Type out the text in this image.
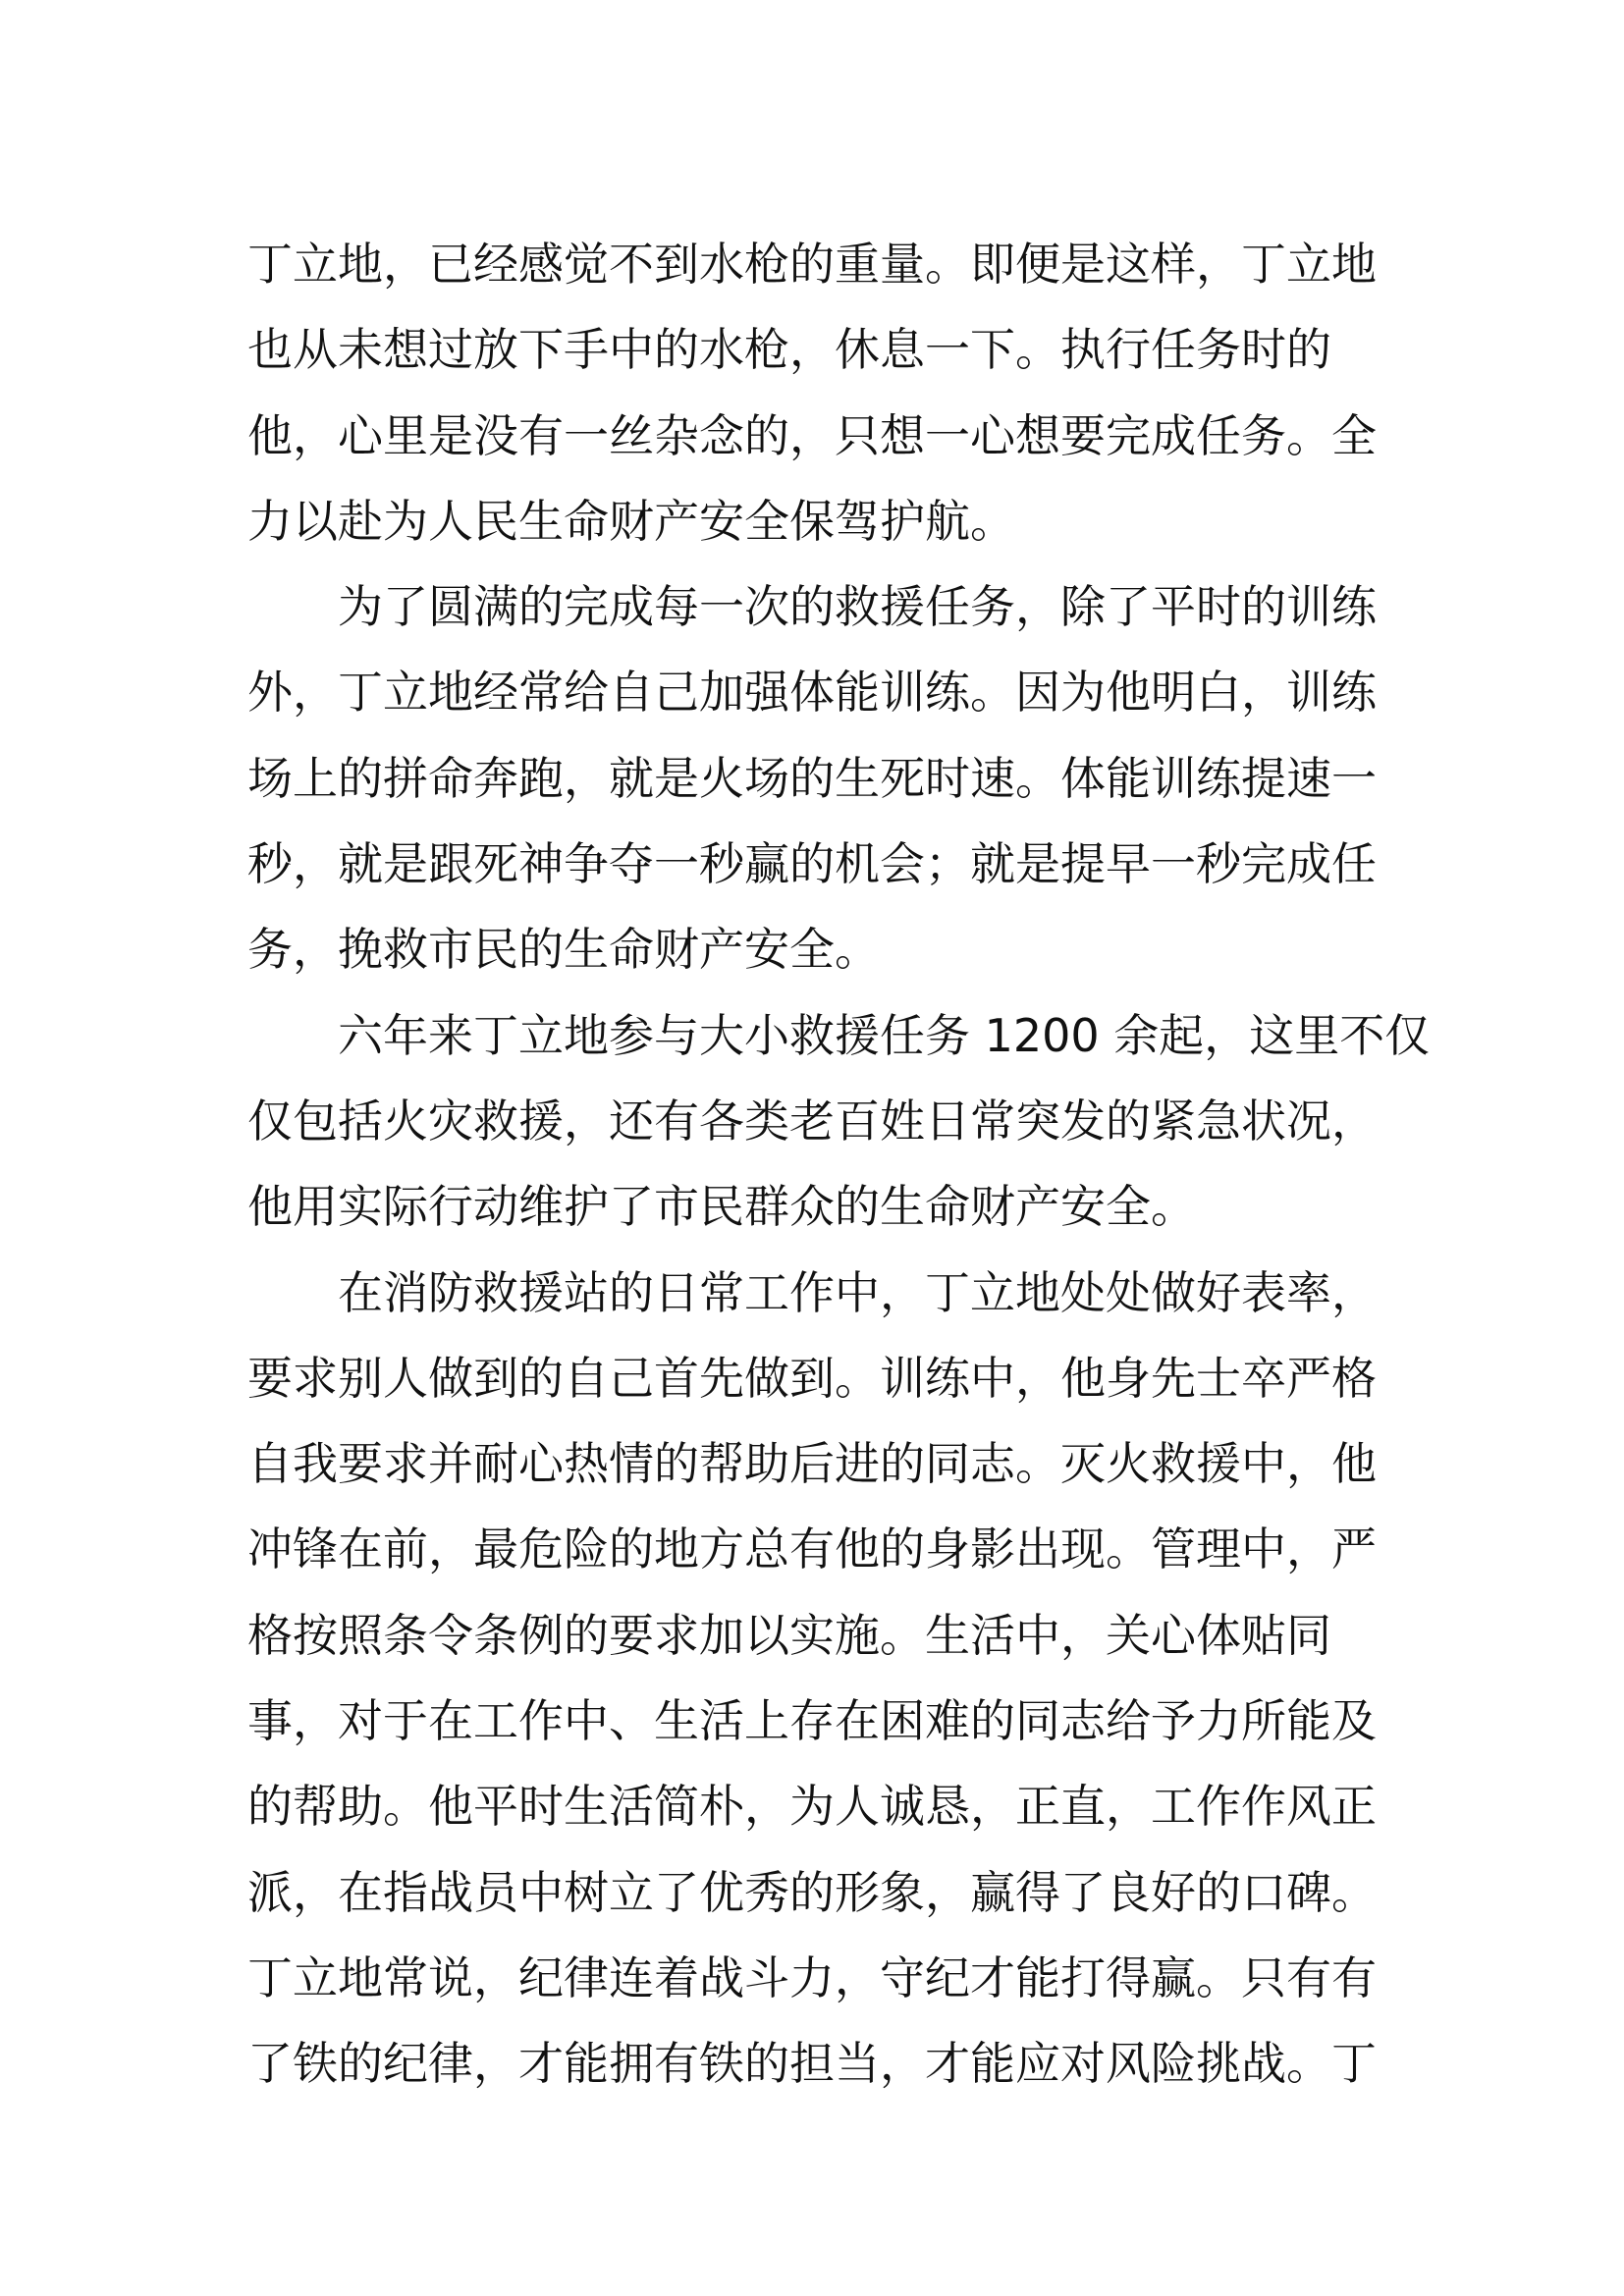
丁立地，已经感觉不到水枪的重量。即便是这样，丁立地
也从未想过放下手中的水枪，休息一下。执行任务时的
他，心里是没有一丝杂念的，只想一心想要完成任务。全
力以赴为人民生命财产安全保驾护航。
为了圆满的完成每一次的救援任务，除了平时的训练
外，丁立地经常给自己加强体能训练。因为他明白，训练
场上的拼命奔跑，就是火场的生死时速。体能训练提速一
秒，就是跟死神争夺一秒赢的机会；就是提早一秒完成任
务，挽救市民的生命财产安全。
六年来丁立地参与大小救援任务 1200 余起，这里不仅
仅包括火灾救援，还有各类老百姓日常突发的紧急状况，
他用实际行动维护了市民群众的生命财产安全。
在消防救援站的日常工作中，丁立地处处做好表率，
要求别人做到的自己首先做到。训练中，他身先士卒严格
自我要求并耐心热情的帮助后进的同志。灭火救援中，他
冲锋在前，最危险的地方总有他的身影出现。管理中，严
格按照条令条例的要求加以实施。生活中，关心体贴同
事，对于在工作中、生活上存在困难的同志给予力所能及
的帮助。他平时生活简朴，为人诚恳，正直，工作作风正
派，在指战员中树立了优秀的形象，赢得了良好的口碑。
丁立地常说，纪律连着战斗力，守纪才能打得赢。只有有
了铁的纪律，才能拥有铁的担当，才能应对风险挑战。丁
